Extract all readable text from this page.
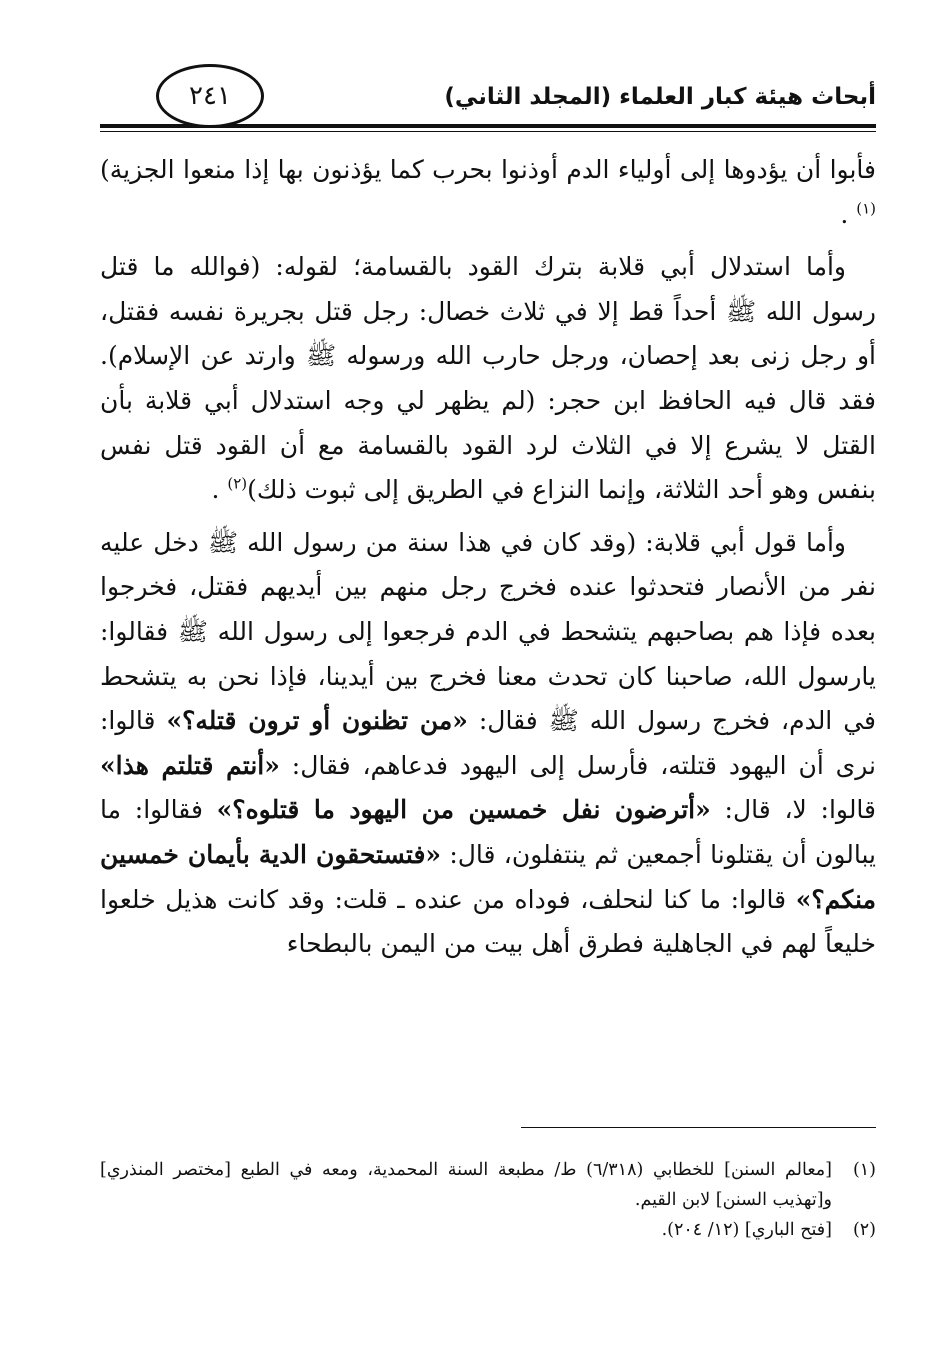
أبحاث هيئة كبار العلماء (المجلد الثاني)
٢٤١

فأبوا أن يؤدوها إلى أولياء الدم أوذنوا بحرب كما يؤذنون بها إذا منعوا الجزية)$^{(١)}$ .

وأما استدلال أبي قلابة بترك القود بالقسامة؛ لقوله: (فوالله ما قتل رسول الله ﷺ أحداً قط إلا في ثلاث خصال: رجل قتل بجريرة نفسه فقتل، أو رجل زنى بعد إحصان، ورجل حارب الله ورسوله ﷺ وارتد عن الإسلام). فقد قال فيه الحافظ ابن حجر: (لم يظهر لي وجه استدلال أبي قلابة بأن القتل لا يشرع إلا في الثلاث لرد القود بالقسامة مع أن القود قتل نفس بنفس وهو أحد الثلاثة، وإنما النزاع في الطريق إلى ثبوت ذلك)$^{(٢)}$ .

وأما قول أبي قلابة: (وقد كان في هذا سنة من رسول الله ﷺ دخل عليه نفر من الأنصار فتحدثوا عنده فخرج رجل منهم بين أيديهم فقتل، فخرجوا بعده فإذا هم بصاحبهم يتشحط في الدم فرجعوا إلى رسول الله ﷺ فقالوا: يارسول الله، صاحبنا كان تحدث معنا فخرج بين أيدينا، فإذا نحن به يتشحط في الدم، فخرج رسول الله ﷺ فقال: «من تظنون أو ترون قتله؟» قالوا: نرى أن اليهود قتلته، فأرسل إلى اليهود فدعاهم، فقال: «أنتم قتلتم هذا» قالوا: لا، قال: «أترضون نفل خمسين من اليهود ما قتلوه؟» فقالوا: ما يبالون أن يقتلونا أجمعين ثم ينتفلون، قال: «فتستحقون الدية بأيمان خمسين منكم؟» قالوا: ما كنا لنحلف، فوداه من عنده ـ قلت: وقد كانت هذيل خلعوا خليعاً لهم في الجاهلية فطرق أهل بيت من اليمن بالبطحاء

(١)
[معالم السنن] للخطابي (٦/٣١٨) ط/ مطبعة السنة المحمدية، ومعه في الطبع [مختصر المنذري] و[تهذيب السنن] لابن القيم.
(٢)
[فتح الباري] (١٢/ ٢٠٤).
